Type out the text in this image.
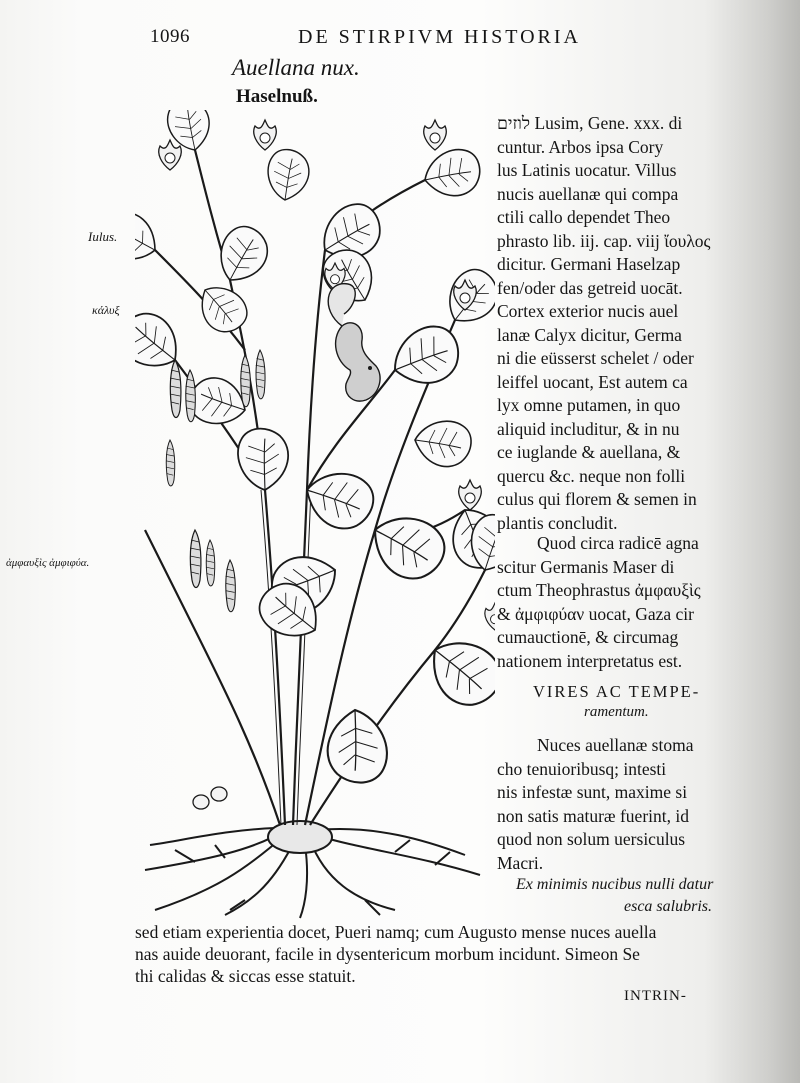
1096	DE STIRPIVM HISTORIA
Auellana nux.
Haselnuß.
Iulus.
κάλυξ
ἀμφαυξὶς ἀμφιφύα.

לוזים Lusim, Gene. xxx. di
cuntur. Arbos ipsa Cory
lus Latinis uocatur. Villus
nucis auellanæ qui compa
ctili callo dependet Theo
phrasto lib. iij. cap. viij ἴουλος
dicitur. Germani Haselzap
fen/oder das getreid uocāt.
Cortex exterior nucis auel
lanæ Calyx dicitur, Germa
ni die eüsserst schelet / oder
leiffel uocant, Est autem ca
lyx omne putamen, in quo
aliquid includitur, & in nu
ce iuglande & auellana, &
quercu &c. neque non folli
culus qui florem & semen in
plantis concludit.

Quod circa radicē agna
scitur Germanis Maser di
ctum Theophrastus ἀμφαυξὶς
& ἀμφιφύαν uocat, Gaza cir
cumauctionē, & circumag
nationem interpretatus est.

VIRES AC TEMPE-
ramentum.

Nuces auellanæ stoma
cho tenuioribusq; intesti
nis infestæ sunt, maxime si
non satis maturæ fuerint, id
quod non solum uersiculus
Macri.

Ex minimis nucibus nulli datur
esca salubris.
sed etiam experientia docet, Pueri namq; cum Augusto mense nuces auella
nas auide deuorant, facile in dysentericum morbum incidunt. Simeon Se
thi calidas & siccas esse statuit.
INTRIN-
